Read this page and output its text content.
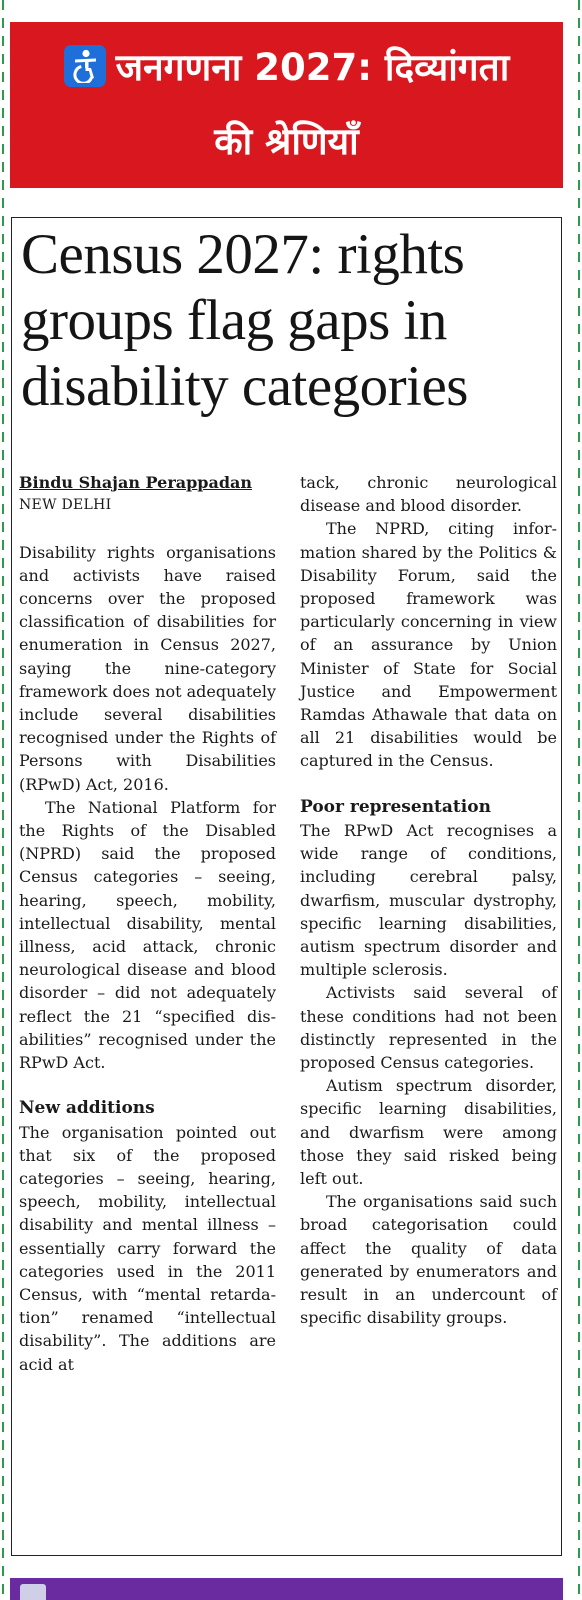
जनगणना 2027: दिव्यांगता
की श्रेणियाँ
Census 2027: rights groups flag gaps in disability categories
Bindu Shajan Perappadan
NEW DELHI
Disability rights organisations and activists have raised concerns over the proposed classification of disabilities for enumeration in Census 2027, saying the nine-category framework does not adequately include several disabilities recognised under the Rights of Persons with Disabilities (RPwD) Act, 2016.
The National Platform for the Rights of the Disabled (NPRD) said the proposed Census categories – seeing, hearing, speech, mobility, intellectual disability, mental illness, acid attack, chronic neurological disease and blood disorder – did not adequately reflect the 21 “specified disabilities” recognised under the RPwD Act.
New additions
The organisation pointed out that six of the proposed categories – seeing, hearing, speech, mobility, intellectual disability and mental illness – essentially carry forward the categories used in the 2011 Census, with “mental retardation” renamed “intellectual disability”. The additions are acid at
tack, chronic neurological disease and blood disorder.
The NPRD, citing information shared by the Politics & Disability Forum, said the proposed framework was particularly concerning in view of an assurance by Union Minister of State for Social Justice and Empowerment Ramdas Athawale that data on all 21 disabilities would be captured in the Census.
Poor representation
The RPwD Act recognises a wide range of conditions, including cerebral palsy, dwarfism, muscular dystrophy, specific learning disabilities, autism spectrum disorder and multiple sclerosis.
Activists said several of these conditions had not been distinctly represented in the proposed Census categories.
Autism spectrum disorder, specific learning disabilities, and dwarfism were among those they said risked being left out.
The organisations said such broad categorisation could affect the quality of data generated by enumerators and result in an undercount of specific disability groups.
